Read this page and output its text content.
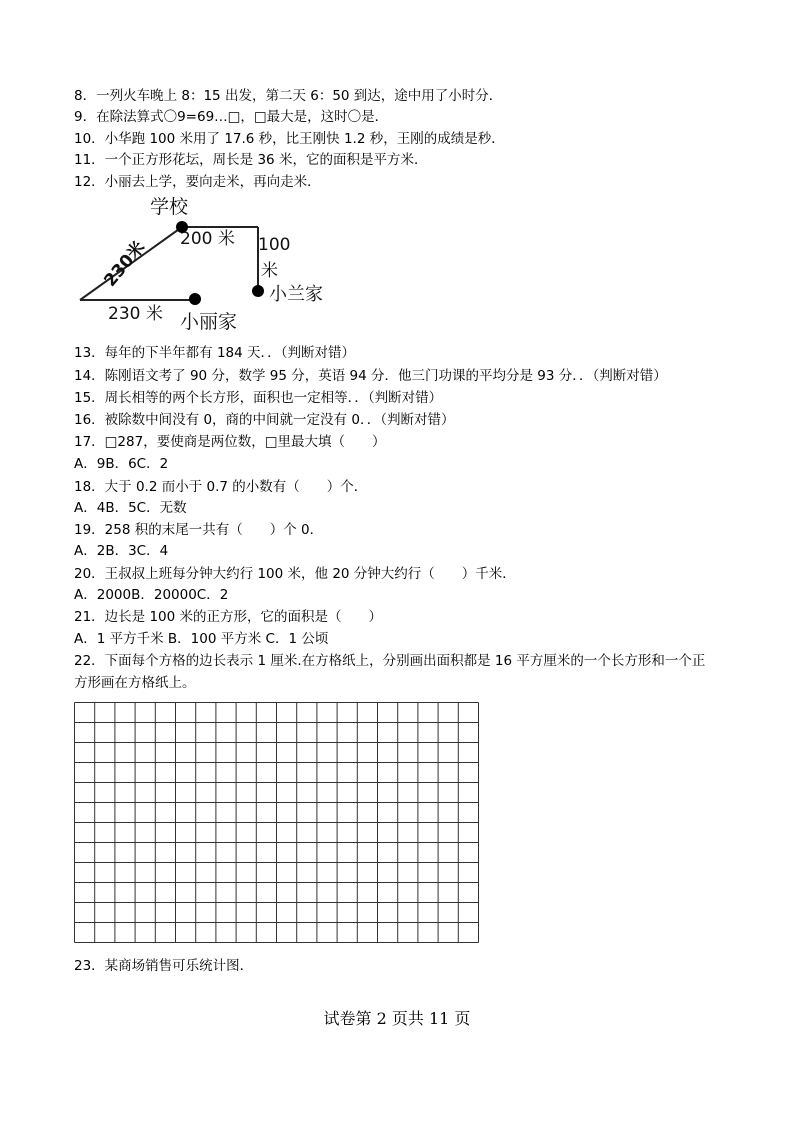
8．一列火车晚上 8：15 出发，第二天 6：50 到达，途中用了小时分．
9．在除法算式〇9=69…□，□最大是，这时〇是．
10．小华跑 100 米用了 17.6 秒，比王刚快 1.2 秒，王刚的成绩是秒．
11．一个正方形花坛，周长是 36 米，它的面积是平方米．
12．小丽去上学，要向走米，再向走米．
学校
200 米 100
米
小兰家
230米
230 米 小丽家
13．每年的下半年都有 184 天．．（判断对错）
14．陈刚语文考了 90 分，数学 95 分，英语 94 分．他三门功课的平均分是 93 分．．（判断对错）
15．周长相等的两个长方形，面积也一定相等．．（判断对错）
16．被除数中间没有 0，商的中间就一定没有 0．．（判断对错）
17．□287，要使商是两位数，□里最大填（　　）
A．9B．6C．2
18．大于 0.2 而小于 0.7 的小数有（　　）个．
A．4B．5C．无数
19．258 积的末尾一共有（　　）个 0．
A．2B．3C．4
20．王叔叔上班每分钟大约行 100 米，他 20 分钟大约行（　　）千米．
A．2000B．20000C．2
21．边长是 100 米的正方形，它的面积是（　　）
A．1 平方千米 B．100 平方米 C．1 公顷
22．下面每个方格的边长表示 1 厘米.在方格纸上，分别画出面积都是 16 平方厘米的一个长方形和一个正
方形画在方格纸上。
23．某商场销售可乐统计图．
试卷第 2 页共 11 页
